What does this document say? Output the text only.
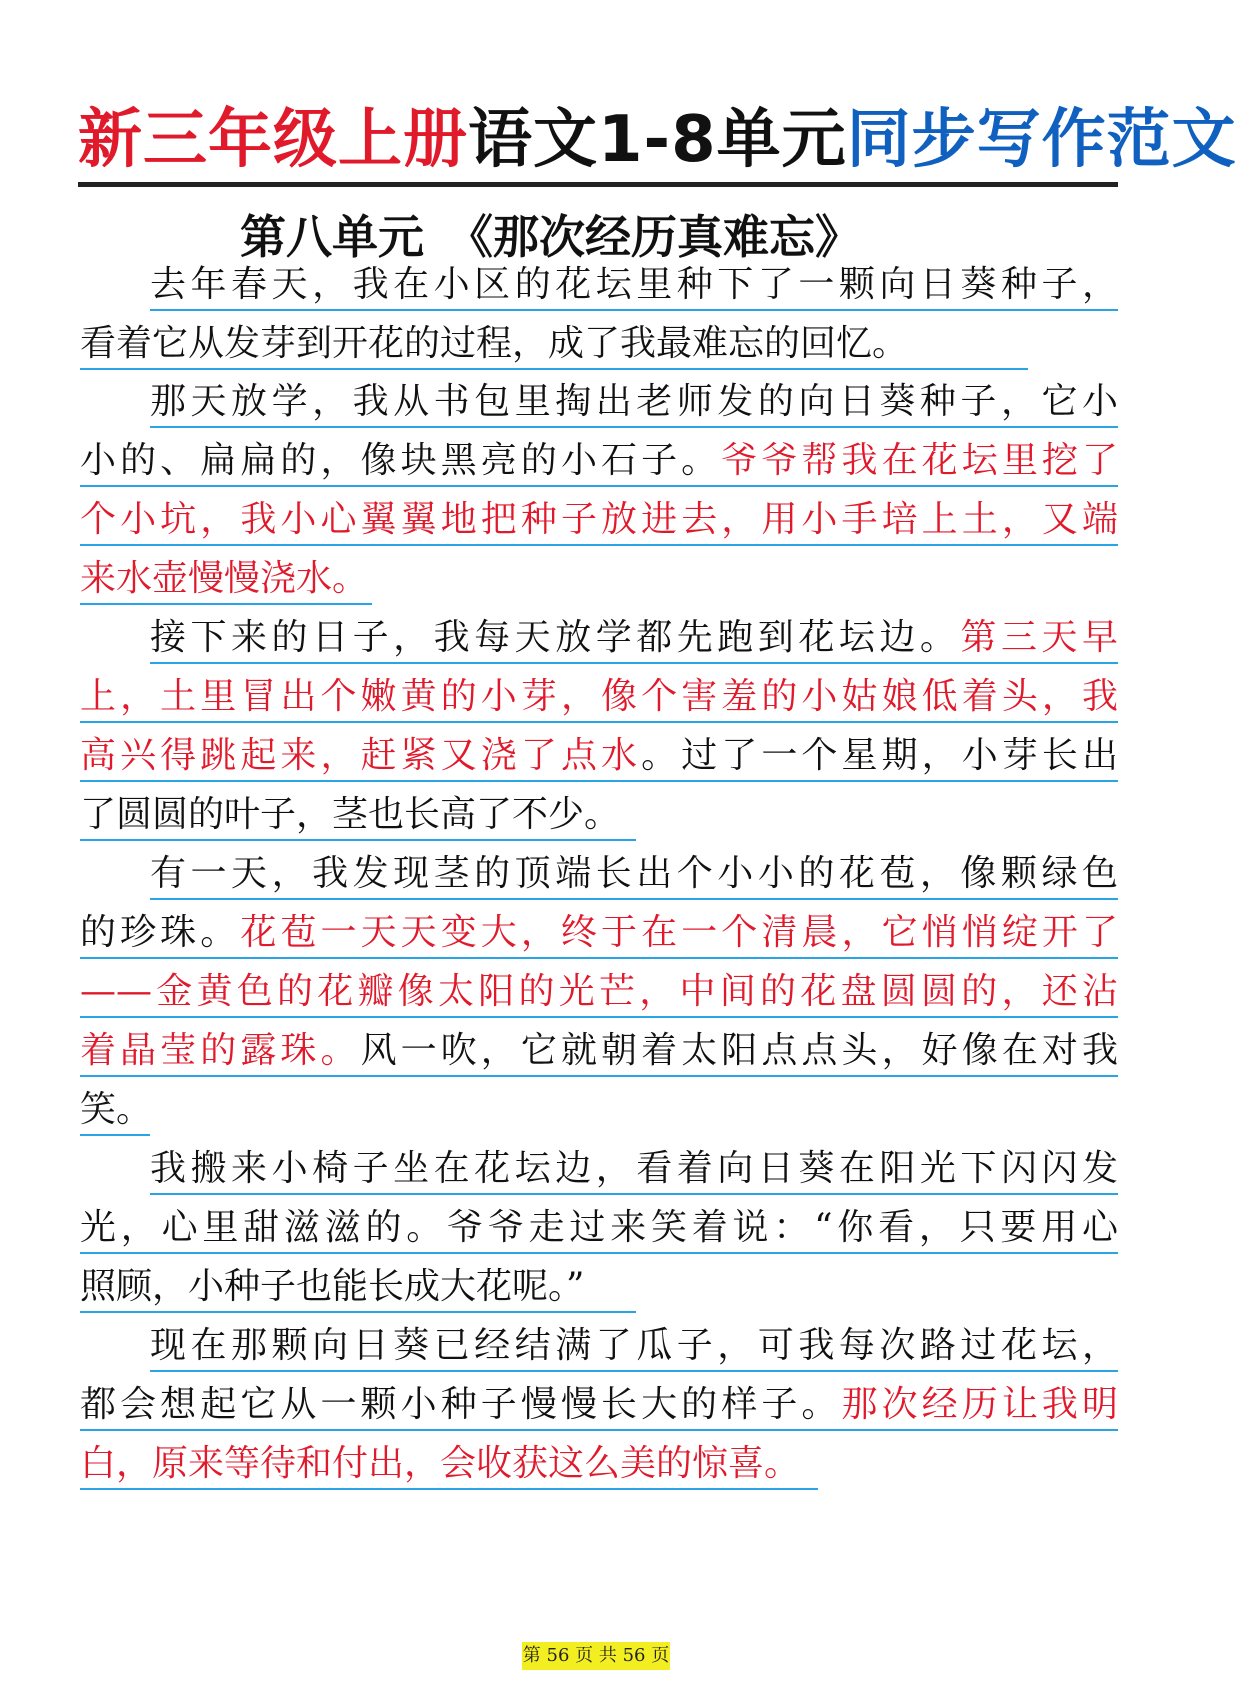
新三年级上册语文1-8单元同步写作范文
第八单元　《那次经历真难忘》
去年春天，我在小区的花坛里种下了一颗向日葵种子，
看着它从发芽到开花的过程，成了我最难忘的回忆。
那天放学，我从书包里掏出老师发的向日葵种子，它小
小的、扁扁的，像块黑亮的小石子。爷爷帮我在花坛里挖了
个小坑，我小心翼翼地把种子放进去，用小手培上土，又端
来水壶慢慢浇水。
接下来的日子，我每天放学都先跑到花坛边。第三天早
上，土里冒出个嫩黄的小芽，像个害羞的小姑娘低着头，我
高兴得跳起来，赶紧又浇了点水。过了一个星期，小芽长出
了圆圆的叶子，茎也长高了不少。
有一天，我发现茎的顶端长出个小小的花苞，像颗绿色
的珍珠。花苞一天天变大，终于在一个清晨，它悄悄绽开了
——金黄色的花瓣像太阳的光芒，中间的花盘圆圆的，还沾
着晶莹的露珠。风一吹，它就朝着太阳点点头，好像在对我
笑。
我搬来小椅子坐在花坛边，看着向日葵在阳光下闪闪发
光，心里甜滋滋的。爷爷走过来笑着说：“你看，只要用心
照顾，小种子也能长成大花呢。”
现在那颗向日葵已经结满了瓜子，可我每次路过花坛，
都会想起它从一颗小种子慢慢长大的样子。那次经历让我明
白，原来等待和付出，会收获这么美的惊喜。
第 56 页 共 56 页
